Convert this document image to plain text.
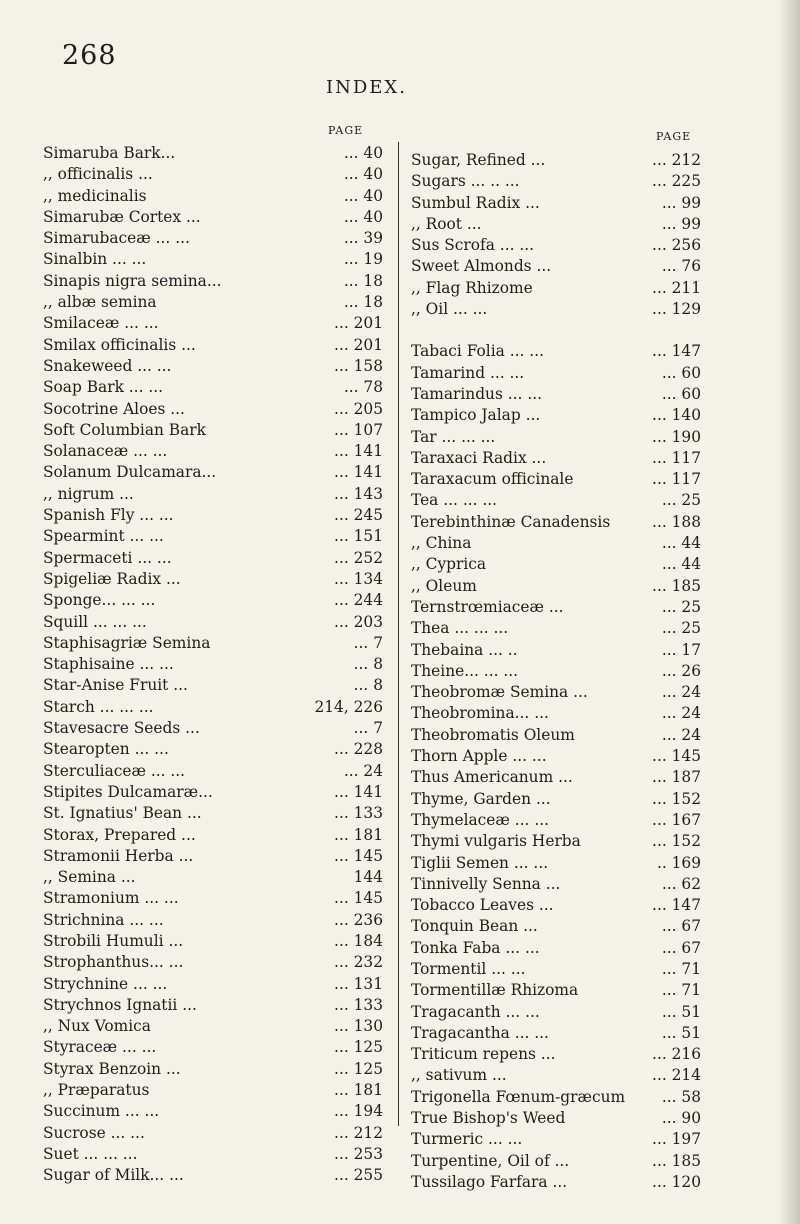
268
INDEX.
PAGE	PAGE
Simaruba Bark...	... 40
,, officinalis ...	... 40
,, medicinalis	... 40
Simarubæ Cortex ...	... 40
Simarubaceæ ... ...	... 39
Sinalbin ... ...	... 19
Sinapis nigra semina...	... 18
,, albæ semina	... 18
Smilaceæ ... ...	... 201
Smilax officinalis ...	... 201
Snakeweed ... ...	... 158
Soap Bark ... ...	... 78
Socotrine Aloes ...	... 205
Soft Columbian Bark	... 107
Solanaceæ ... ...	... 141
Solanum Dulcamara...	... 141
,, nigrum ...	... 143
Spanish Fly ... ...	... 245
Spearmint ... ...	... 151
Spermaceti ... ...	... 252
Spigeliæ Radix ...	... 134
Sponge... ... ...	... 244
Squill ... ... ...	... 203
Staphisagriæ Semina	... 7
Staphisaine ... ...	... 8
Star-Anise Fruit ...	... 8
Starch ... ... ...	214, 226
Stavesacre Seeds ...	... 7
Stearopten ... ...	... 228
Sterculiaceæ ... ...	... 24
Stipites Dulcamaræ...	... 141
St. Ignatius' Bean ...	... 133
Storax, Prepared ...	... 181
Stramonii Herba ...	... 145
,, Semina ...	144
Stramonium ... ...	... 145
Strichnina ... ...	... 236
Strobili Humuli ...	... 184
Strophanthus... ...	... 232
Strychnine ... ...	... 131
Strychnos Ignatii ...	... 133
,, Nux Vomica	... 130
Styraceæ ... ...	... 125
Styrax Benzoin ...	... 125
,, Præparatus	... 181
Succinum ... ...	... 194
Sucrose ... ...	... 212
Suet ... ... ...	... 253
Sugar of Milk... ...	... 255
Sugar, Refined ...	... 212
Sugars ... .. ...	... 225
Sumbul Radix ...	... 99
,, Root ...	... 99
Sus Scrofa ... ...	... 256
Sweet Almonds ...	... 76
,, Flag Rhizome	... 211
,, Oil ... ...	... 129
Tabaci Folia ... ...	... 147
Tamarind ... ...	... 60
Tamarindus ... ...	... 60
Tampico Jalap ...	... 140
Tar ... ... ...	... 190
Taraxaci Radix ...	... 117
Taraxacum officinale	... 117
Tea ... ... ...	... 25
Terebinthinæ Canadensis	... 188
,, China	... 44
,, Cyprica	... 44
,, Oleum	... 185
Ternstrœmiaceæ ...	... 25
Thea ... ... ...	... 25
Thebaina ... ..	... 17
Theine... ... ...	... 26
Theobromæ Semina ...	... 24
Theobromina... ...	... 24
Theobromatis Oleum	... 24
Thorn Apple ... ...	... 145
Thus Americanum ...	... 187
Thyme, Garden ...	... 152
Thymelaceæ ... ...	... 167
Thymi vulgaris Herba	... 152
Tiglii Semen ... ...	.. 169
Tinnivelly Senna ...	... 62
Tobacco Leaves ...	... 147
Tonquin Bean ...	... 67
Tonka Faba ... ...	... 67
Tormentil ... ...	... 71
Tormentillæ Rhizoma	... 71
Tragacanth ... ...	... 51
Tragacantha ... ...	... 51
Triticum repens ...	... 216
,, sativum ...	... 214
Trigonella Fœnum-græcum	... 58
True Bishop's Weed	... 90
Turmeric ... ...	... 197
Turpentine, Oil of ...	... 185
Tussilago Farfara ...	... 120
